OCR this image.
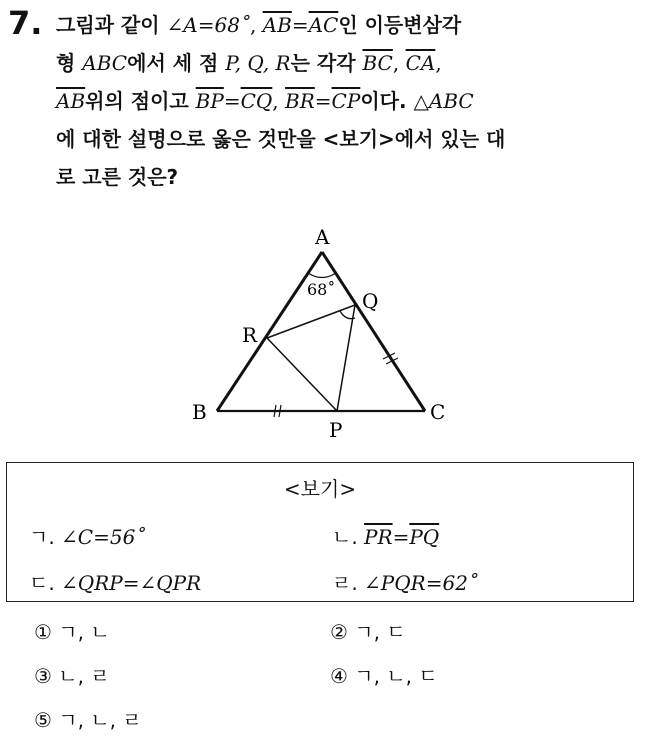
7. 그림과 같이 ∠A=68˚, $\overline{AB}=\overline{AC}$인 이등변삼각
형 ABC에서 세 점 P, Q, R는 각각 $\overline{BC}$, $\overline{CA}$,
$\overline{AB}$위의 점이고 $\overline{BP}=\overline{CQ}$, $\overline{BR}=\overline{CP}$이다. △ABC
에 대한 설명으로 옳은 것만을 <보기>에서 있는 대
로 고른 것은?
A
B	C
P
Q
R
68˚
<보기>
ㄱ. ∠C=56˚	ㄴ. $\overline{PR}=\overline{PQ}$
ㄷ. ∠QRP=∠QPR	ㄹ. ∠PQR=62˚
① ㄱ, ㄴ	② ㄱ, ㄷ
③ ㄴ, ㄹ	④ ㄱ, ㄴ, ㄷ
⑤ ㄱ, ㄴ, ㄹ
